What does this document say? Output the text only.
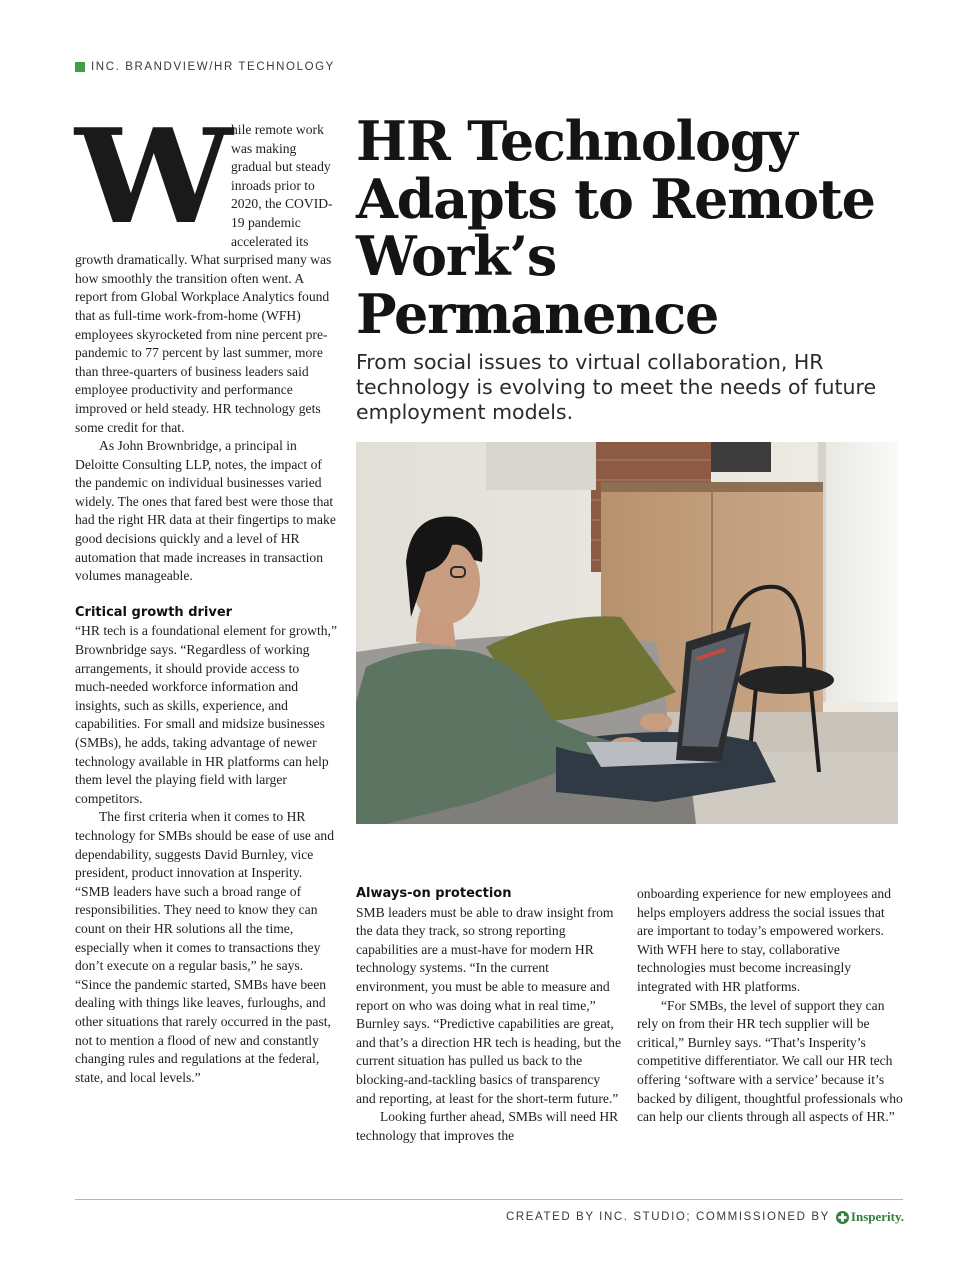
INC. BRANDVIEW/HR TECHNOLOGY
W hile remote work was making gradual but steady inroads prior to 2020, the COVID-19 pandemic accelerated its growth dramatically. What surprised many was how smoothly the transition often went. A report from Global Workplace Analytics found that as full-time work-from-home (WFH) employees skyrocketed from nine percent pre-pandemic to 77 percent by last summer, more than three-quarters of business leaders said employee productivity and performance improved or held steady. HR technology gets some credit for that.

As John Brownbridge, a principal in Deloitte Consulting LLP, notes, the impact of the pandemic on individual businesses varied widely. The ones that fared best were those that had the right HR data at their fingertips to make good decisions quickly and a level of HR automation that made increases in transaction volumes manageable.

Critical growth driver

“HR tech is a foundational element for growth,” Brownbridge says. “Regardless of working arrangements, it should provide access to much-needed workforce information and insights, such as skills, experience, and capabilities. For small and midsize businesses (SMBs), he adds, taking advantage of newer technology available in HR platforms can help them level the playing field with larger competitors.

The first criteria when it comes to HR technology for SMBs should be ease of use and dependability, suggests David Burnley, vice president, product innovation at Insperity. “SMB leaders have such a broad range of responsibilities. They need to know they can count on their HR solutions all the time, especially when it comes to transactions they don’t execute on a regular basis,” he says. “Since the pandemic started, SMBs have been dealing with things like leaves, furloughs, and other situations that rarely occurred in the past, not to mention a flood of new and constantly changing rules and regulations at the federal, state, and local levels.”

HR Technology Adapts to Remote Work’s Permanence
From social issues to virtual collaboration, HR technology is evolving to meet the needs of future employment models.

Always-on protection

SMB leaders must be able to draw insight from the data they track, so strong reporting capabilities are a must-have for modern HR technology systems. “In the current environment, you must be able to measure and report on who was doing what in real time,” Burnley says. “Predictive capabilities are great, and that’s a direction HR tech is heading, but the current situation has pulled us back to the blocking-and-tackling basics of transparency and reporting, at least for the short-term future.”

Looking further ahead, SMBs will need HR technology that improves the

onboarding experience for new employees and helps employers address the social issues that are important to today’s empowered workers. With WFH here to stay, collaborative technologies must become increasingly integrated with HR platforms.

“For SMBs, the level of support they can rely on from their HR tech supplier will be critical,” Burnley says. “That’s Insperity’s competitive differentiator. We call our HR tech offering ‘software with a service’ because it’s backed by diligent, thoughtful professionals who can help our clients through all aspects of HR.”

CREATED BY INC. STUDIO; COMMISSIONED BY Insperity.
